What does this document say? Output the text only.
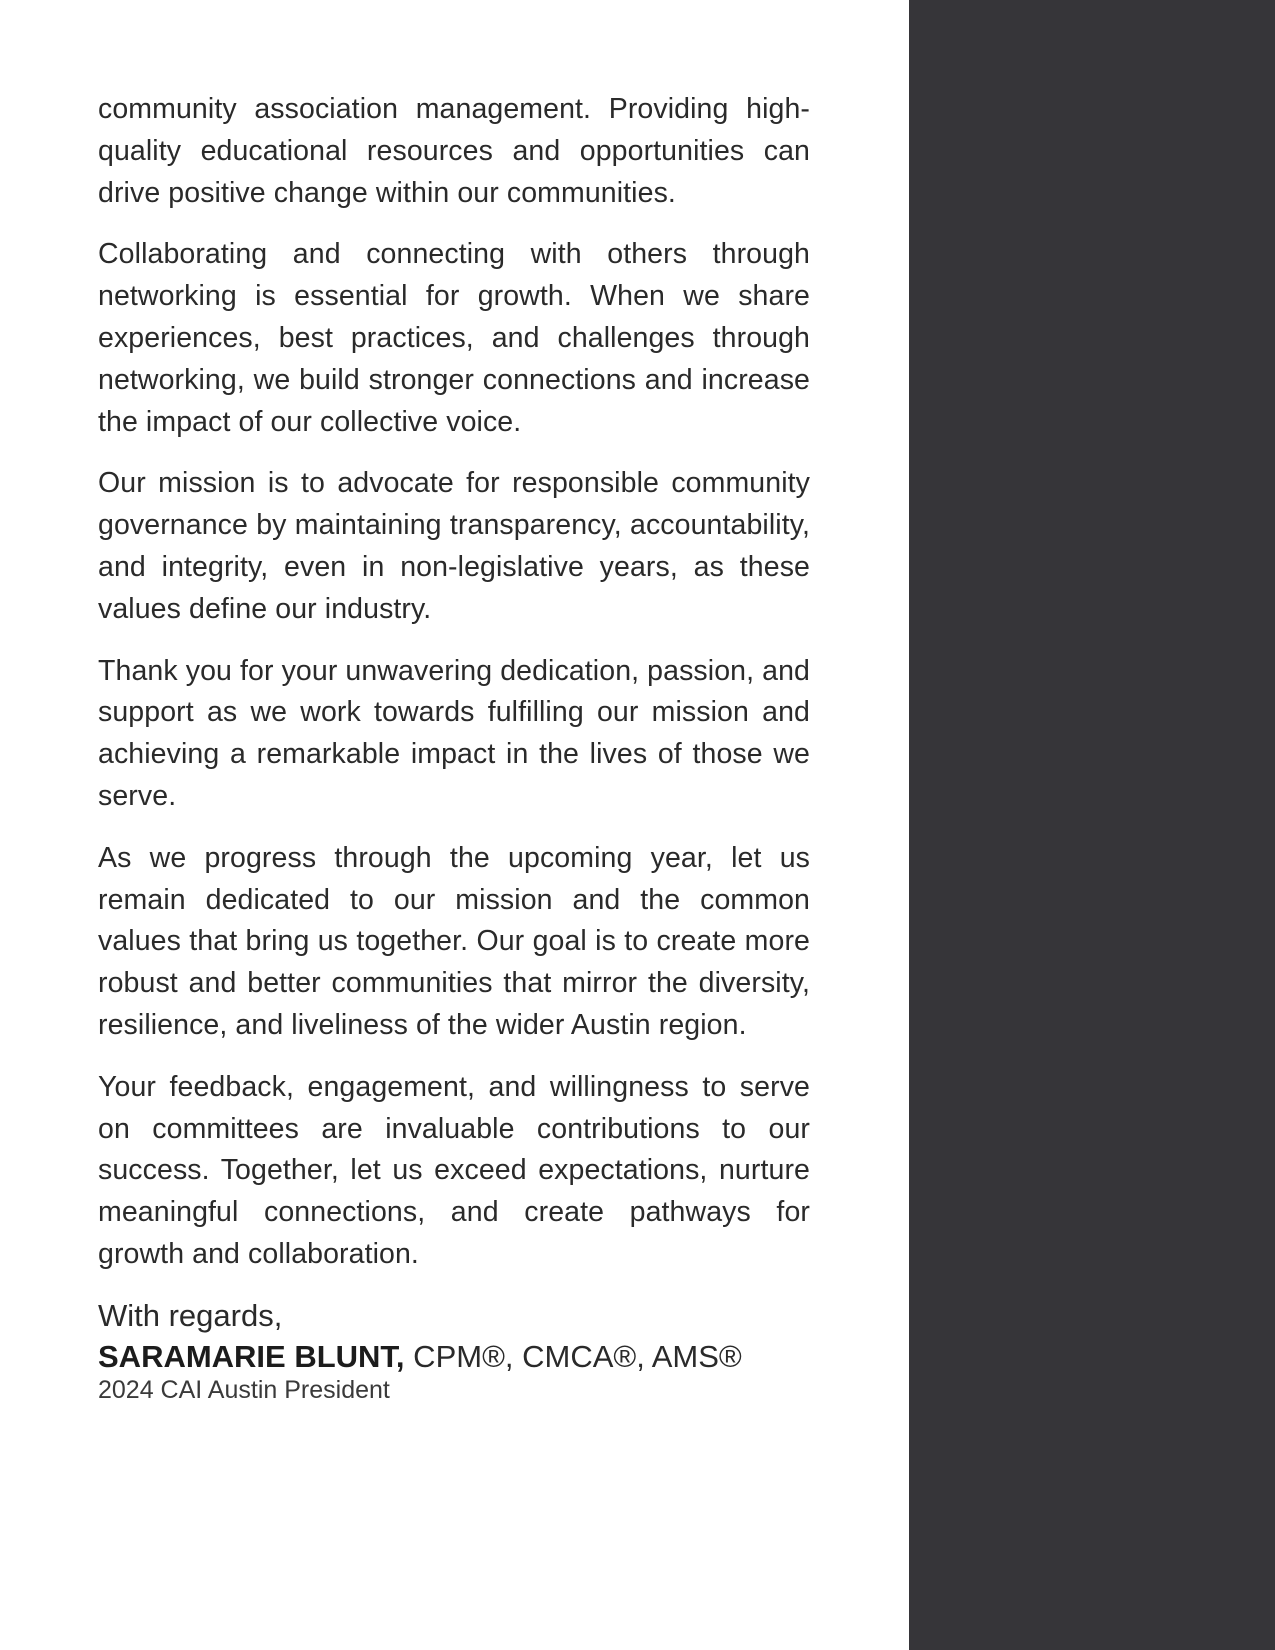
community association management. Providing high-quality educational resources and opportunities can drive positive change within our communities.

Collaborating and connecting with others through networking is essential for growth. When we share experiences, best practices, and challenges through networking, we build stronger connections and increase the impact of our collective voice.

Our mission is to advocate for responsible community governance by maintaining transparency, accountability, and integrity, even in non-legislative years, as these values define our industry.

Thank you for your unwavering dedication, passion, and support as we work towards fulfilling our mission and achieving a remarkable impact in the lives of those we serve.

As we progress through the upcoming year, let us remain dedicated to our mission and the common values that bring us together. Our goal is to create more robust and better communities that mirror the diversity, resilience, and liveliness of the wider Austin region.

Your feedback, engagement, and willingness to serve on committees are invaluable contributions to our success. Together, let us exceed expectations, nurture meaningful connections, and create pathways for growth and collaboration.

With regards,
SARAMARIE BLUNT, CPM®, CMCA®, AMS®
2024 CAI Austin President
